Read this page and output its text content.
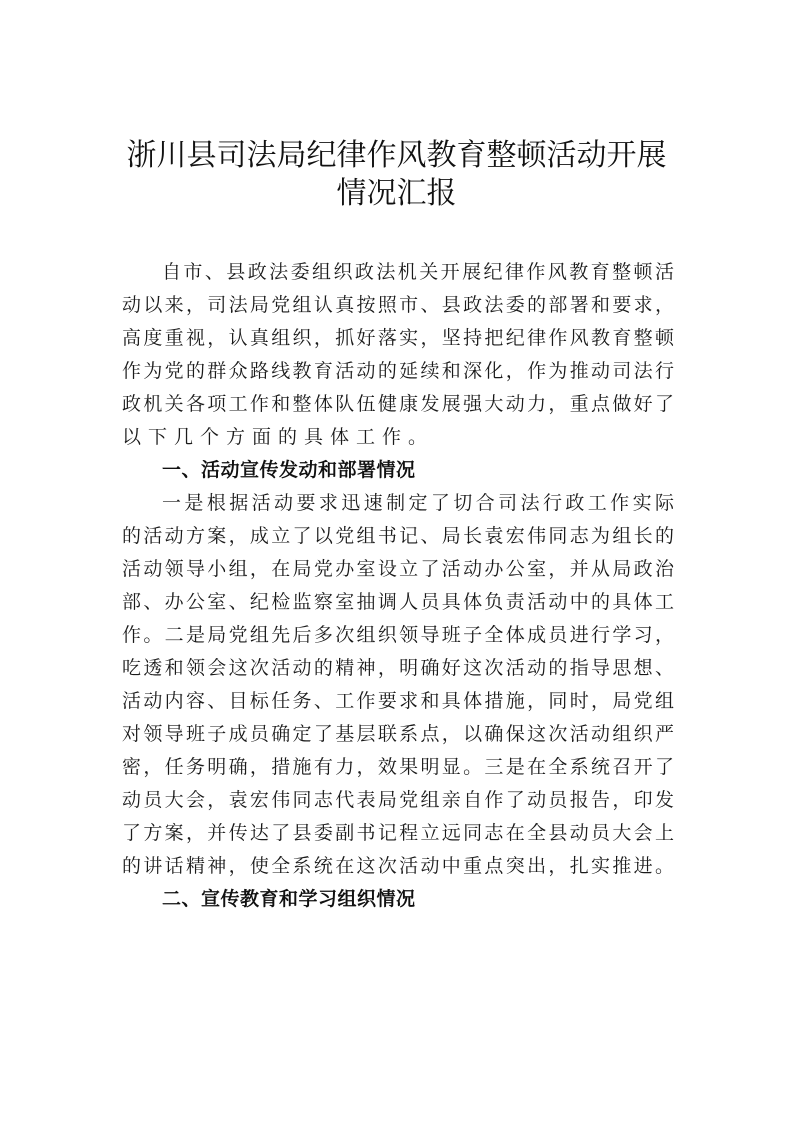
浙川县司法局纪律作风教育整顿活动开展
情况汇报
自市、县政法委组织政法机关开展纪律作风教育整顿活
动以来，司法局党组认真按照市、县政法委的部署和要求，
高度重视，认真组织，抓好落实，坚持把纪律作风教育整顿
作为党的群众路线教育活动的延续和深化，作为推动司法行
政机关各项工作和整体队伍健康发展强大动力，重点做好了
以下几个方面的具体工作。
一、活动宣传发动和部署情况
一是根据活动要求迅速制定了切合司法行政工作实际
的活动方案，成立了以党组书记、局长袁宏伟同志为组长的
活动领导小组，在局党办室设立了活动办公室，并从局政治
部、办公室、纪检监察室抽调人员具体负责活动中的具体工
作。二是局党组先后多次组织领导班子全体成员进行学习，
吃透和领会这次活动的精神，明确好这次活动的指导思想、
活动内容、目标任务、工作要求和具体措施，同时，局党组
对领导班子成员确定了基层联系点，以确保这次活动组织严
密，任务明确，措施有力，效果明显。三是在全系统召开了
动员大会，袁宏伟同志代表局党组亲自作了动员报告，印发
了方案，并传达了县委副书记程立远同志在全县动员大会上
的讲话精神，使全系统在这次活动中重点突出，扎实推进。
二、宣传教育和学习组织情况
